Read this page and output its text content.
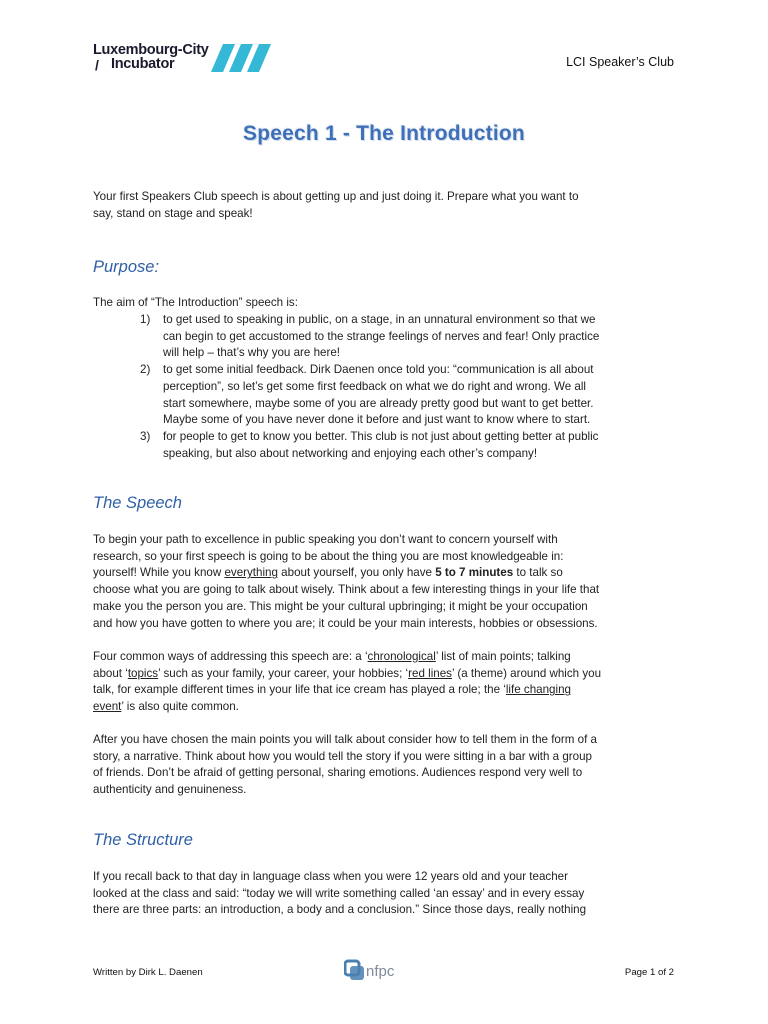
Luxembourg-City
/ Incubator	LCI Speaker’s Club
Speech 1 - The Introduction

Your first Speakers Club speech is about getting up and just doing it. Prepare what you want to

say, stand on stage and speak!

Purpose:
The aim of “The Introduction” speech is:
1) to get used to speaking in public, on a stage, in an unnatural environment so that we

can begin to get accustomed to the strange feelings of nerves and fear! Only practice

will help – that’s why you are here!

2) to get some initial feedback. Dirk Daenen once told you: “communication is all about

perception”, so let’s get some first feedback on what we do right and wrong. We all

start somewhere, maybe some of you are already pretty good but want to get better.

Maybe some of you have never done it before and just want to know where to start.

3) for people to get to know you better. This club is not just about getting better at public

speaking, but also about networking and enjoying each other’s company!

The Speech

To begin your path to excellence in public speaking you don’t want to concern yourself with

research, so your first speech is going to be about the thing you are most knowledgeable in:

yourself! While you know everything about yourself, you only have 5 to 7 minutes to talk so

choose what you are going to talk about wisely. Think about a few interesting things in your life that

make you the person you are. This might be your cultural upbringing; it might be your occupation

and how you have gotten to where you are; it could be your main interests, hobbies or obsessions.

Four common ways of addressing this speech are: a ‘chronological’ list of main points; talking

about ‘topics’ such as your family, your career, your hobbies; ‘red lines’ (a theme) around which you

talk, for example different times in your life that ice cream has played a role; the ‘life changing

event’ is also quite common.

After you have chosen the main points you will talk about consider how to tell them in the form of a

story, a narrative. Think about how you would tell the story if you were sitting in a bar with a group

of friends. Don’t be afraid of getting personal, sharing emotions. Audiences respond very well to

authenticity and genuineness.

The Structure

If you recall back to that day in language class when you were 12 years old and your teacher

looked at the class and said: “today we will write something called ‘an essay’ and in every essay

there are three parts: an introduction, a body and a conclusion.” Since those days, really nothing

Written by Dirk L. Daenen	nfpc	Page 1 of 2
